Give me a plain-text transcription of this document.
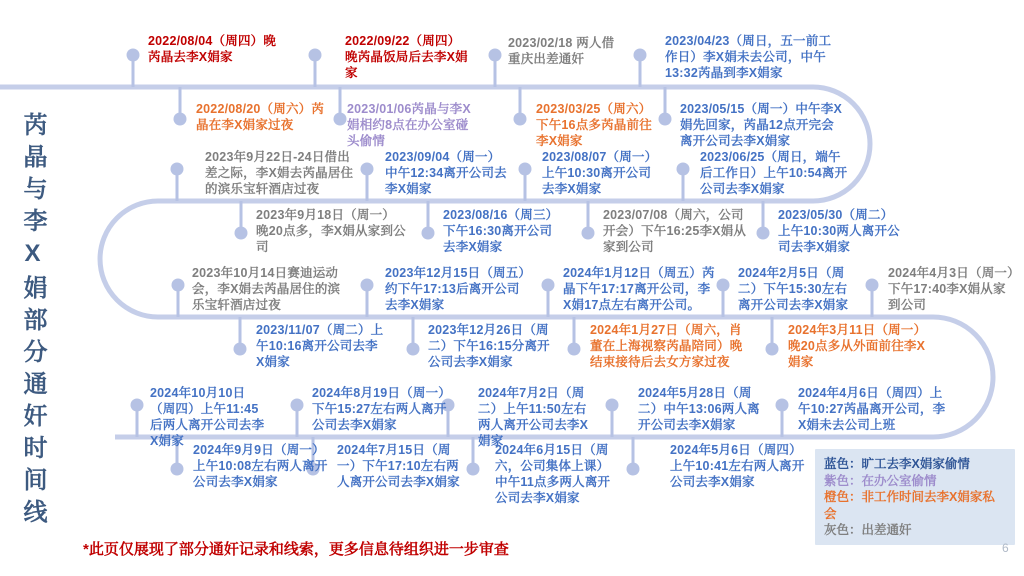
芮晶与李X娟部分通奸时间线
2022/08/04（周四）晚芮晶去李X娟家
2022/09/22（周四）晚芮晶饭局后去李X娟家
2023/02/18 两人借重庆出差通奸
2023/04/23（周日，五一前工作日）李X娟未去公司，中午13:32芮晶到李X娟家
2022/08/20（周六）芮晶在李X娟家过夜
2023/01/06芮晶与李X娟相约8点在办公室碰头偷情
2023/03/25（周六）下午16点多芮晶前往李X娟家
2023/05/15（周一）中午李X娟先回家，芮晶12点开完会离开公司去李X娟家
2023年9月22日-24日借出差之际，李X娟去芮晶居住的滨乐宝轩酒店过夜
2023/09/04（周一）中午12:34离开公司去李X娟家
2023/08/07（周一）上午10:30离开公司去李X娟家
2023/06/25（周日，端午后工作日）上午10:54离开公司去李X娟家
2023年9月18日（周一）晚20点多，李X娟从家到公司
2023/08/16（周三）下午16:30离开公司去李X娟家
2023/07/08（周六，公司开会）下午16:25李X娟从家到公司
2023/05/30（周二）上午10:30两人离开公司去李X娟家
2023年10月14日赛迪运动会，李X娟去芮晶居住的滨乐宝轩酒店过夜
2023年12月15日（周五）约下午17:13后离开公司去李X娟家
2024年1月12日（周五）芮晶下午17:17离开公司，李X娟17点左右离开公司。
2024年2月5日（周二）下午15:30左右离开公司去李X娟家
2024年4月3日（周一）下午17:40李X娟从家到公司
2023/11/07（周二）上午10:16离开公司去李X娟家
2023年12月26日（周二）下午16:15分离开公司去李X娟家
2024年1月27日（周六，肖董在上海视察芮晶陪同）晚结束接待后去女方家过夜
2024年3月11日（周一）晚20点多从外面前往李X娟家
2024年10月10日（周四）上午11:45后两人离开公司去李X娟家
2024年8月19日（周一）下午15:27左右两人离开公司去李X娟家
2024年7月2日（周二）上午11:50左右两人离开公司去李X娟家
2024年5月28日（周二）中午13:06两人离开公司去李X娟家
2024年4月6日（周四）上午10:27芮晶离开公司，李X娟未去公司上班
2024年9月9日（周一）上午10:08左右两人离开公司去李X娟家
2024年7月15日（周一）下午17:10左右两人离开公司去李X娟家
2024年6月15日（周六，公司集体上课）中午11点多两人离开公司去李X娟家
2024年5月6日（周四）上午10:41左右两人离开公司去李X娟家
蓝色：旷工去李X娟家偷情
紫色：在办公室偷情
橙色：非工作时间去李X娟家私会
灰色：出差通奸
*此页仅展现了部分通奸记录和线索，更多信息待组织进一步审查	6
